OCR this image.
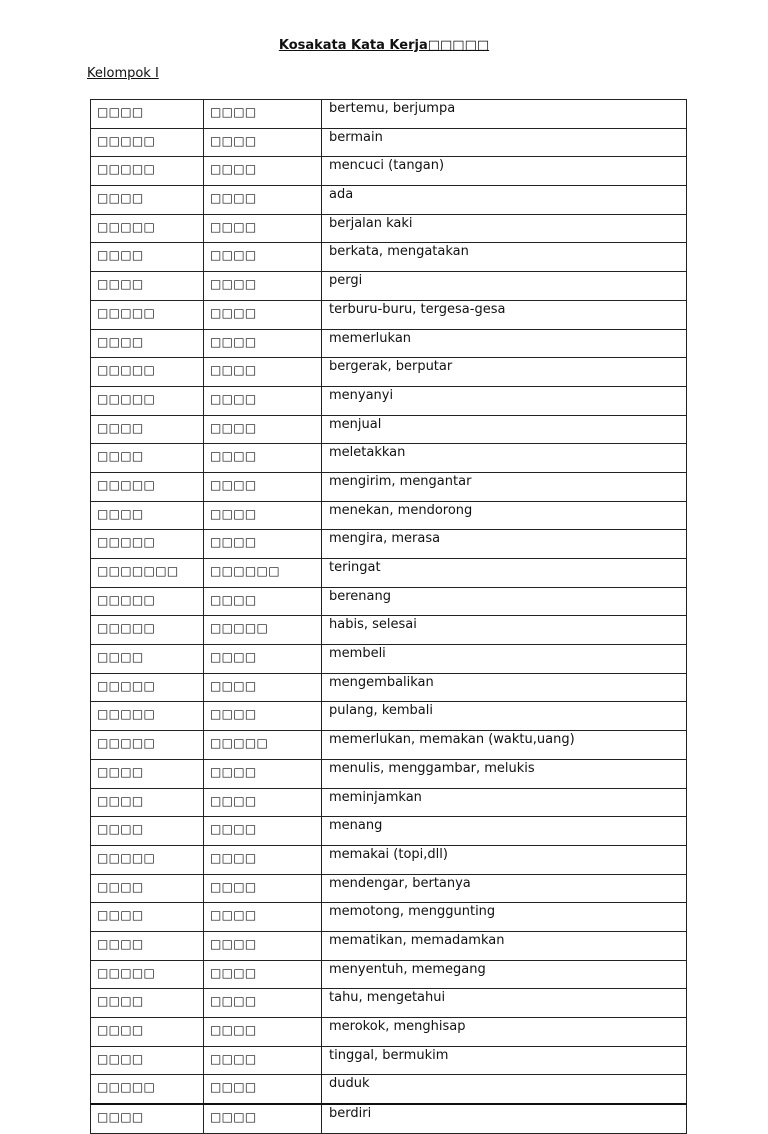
Kosakata Kata Kerja□□□□□
Kelompok I
□□□□	□□□□	bertemu, berjumpa
□□□□□	□□□□	bermain
□□□□□	□□□□	mencuci (tangan)
□□□□	□□□□	ada
□□□□□	□□□□	berjalan kaki
□□□□	□□□□	berkata, mengatakan
□□□□	□□□□	pergi
□□□□□	□□□□	terburu-buru, tergesa-gesa
□□□□	□□□□	memerlukan
□□□□□	□□□□	bergerak, berputar
□□□□□	□□□□	menyanyi
□□□□	□□□□	menjual
□□□□	□□□□	meletakkan
□□□□□	□□□□	mengirim, mengantar
□□□□	□□□□	menekan, mendorong
□□□□□	□□□□	mengira, merasa
□□□□□□□	□□□□□□	teringat
□□□□□	□□□□	berenang
□□□□□	□□□□□	habis, selesai
□□□□	□□□□	membeli
□□□□□	□□□□	mengembalikan
□□□□□	□□□□	pulang, kembali
□□□□□	□□□□□	memerlukan, memakan (waktu,uang)
□□□□	□□□□	menulis, menggambar, melukis
□□□□	□□□□	meminjamkan
□□□□	□□□□	menang
□□□□□	□□□□	memakai (topi,dll)
□□□□	□□□□	mendengar, bertanya
□□□□	□□□□	memotong, menggunting
□□□□	□□□□	mematikan, memadamkan
□□□□□	□□□□	menyentuh, memegang
□□□□	□□□□	tahu, mengetahui
□□□□	□□□□	merokok, menghisap
□□□□	□□□□	tinggal, bermukim
□□□□□	□□□□	duduk
□□□□	□□□□	berdiri
